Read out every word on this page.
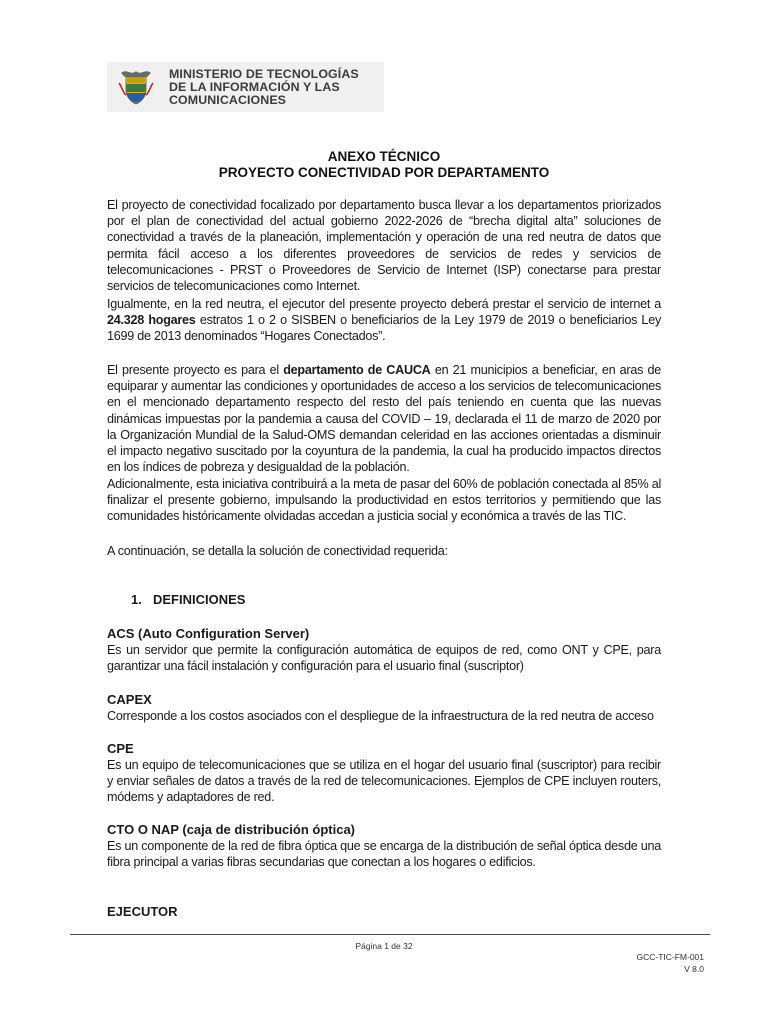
MINISTERIO DE TECNOLOGÍAS
DE LA INFORMACIÓN Y LAS
COMUNICACIONES
ANEXO TÉCNICO
PROYECTO CONECTIVIDAD POR DEPARTAMENTO
El proyecto de conectividad focalizado por departamento busca llevar a los departamentos priorizados por el plan de conectividad del actual gobierno 2022-2026 de “brecha digital alta” soluciones de conectividad a través de la planeación, implementación y operación de una red neutra de datos que permita fácil acceso a los diferentes proveedores de servicios de redes y servicios de telecomunicaciones - PRST o Proveedores de Servicio de Internet (ISP) conectarse para prestar servicios de telecomunicaciones como Internet.
Igualmente, en la red neutra, el ejecutor del presente proyecto deberá prestar el servicio de internet a 24.328 hogares estratos 1 o 2 o SISBEN o beneficiarios de la Ley 1979 de 2019 o beneficiarios Ley 1699 de 2013 denominados “Hogares Conectados”.
El presente proyecto es para el departamento de CAUCA en 21 municipios a beneficiar, en aras de equiparar y aumentar las condiciones y oportunidades de acceso a los servicios de telecomunicaciones en el mencionado departamento respecto del resto del país teniendo en cuenta que las nuevas dinámicas impuestas por la pandemia a causa del COVID – 19, declarada el 11 de marzo de 2020 por la Organización Mundial de la Salud-OMS demandan celeridad en las acciones orientadas a disminuir el impacto negativo suscitado por la coyuntura de la pandemia, la cual ha producido impactos directos en los índices de pobreza y desigualdad de la población.
Adicionalmente, esta iniciativa contribuirá a la meta de pasar del 60% de población conectada al 85% al finalizar el presente gobierno, impulsando la productividad en estos territorios y permitiendo que las comunidades históricamente olvidadas accedan a justicia social y económica a través de las TIC.
A continuación, se detalla la solución de conectividad requerida:
1. DEFINICIONES
ACS (Auto Configuration Server)
Es un servidor que permite la configuración automática de equipos de red, como ONT y CPE, para garantizar una fácil instalación y configuración para el usuario final (suscriptor)
CAPEX
Corresponde a los costos asociados con el despliegue de la infraestructura de la red neutra de acceso
CPE
Es un equipo de telecomunicaciones que se utiliza en el hogar del usuario final (suscriptor) para recibir y enviar señales de datos a través de la red de telecomunicaciones. Ejemplos de CPE incluyen routers, módems y adaptadores de red.
CTO O NAP (caja de distribución óptica)
Es un componente de la red de fibra óptica que se encarga de la distribución de señal óptica desde una fibra principal a varias fibras secundarias que conectan a los hogares o edificios.
EJECUTOR
Página 1 de 32
GCC-TIC-FM-001
V 8.0
